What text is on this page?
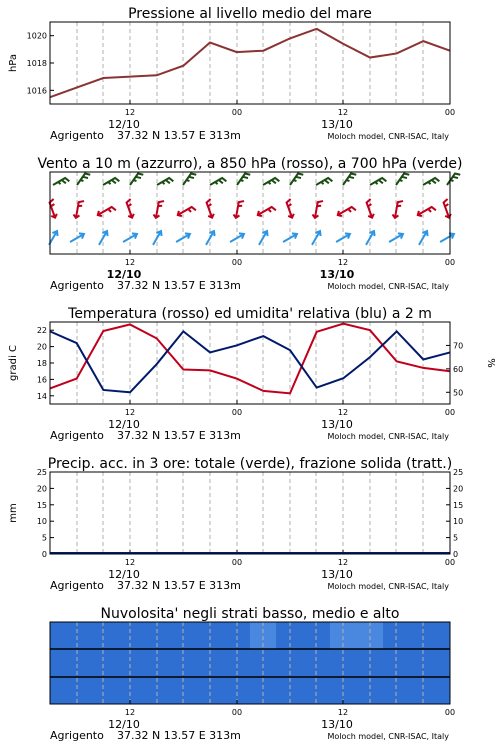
Pressione al livello medio del mare
12	00	12	00
12/10	13/10
Agrigento 37.32 N 13.57 E 313m	Moloch model, CNR-ISAC, Italy
1016
1018
1020
hPa
Vento a 10 m (azzurro), a 850 hPa (rosso), a 700 hPa (verde)
12	00	12	00
12/10	13/10
Agrigento 37.32 N 13.57 E 313m	Moloch model, CNR-ISAC, Italy
Temperatura (rosso) ed umidita' relativa (blu) a 2 m
12	00	12	00
12/10	13/10
Agrigento 37.32 N 13.57 E 313m	Moloch model, CNR-ISAC, Italy
14
16
18
20
22
50
60
70
gradi C	%
Precip. acc. in 3 ore: totale (verde), frazione solida (tratt.)
12	00	12	00
12/10	13/10
Agrigento 37.32 N 13.57 E 313m	Moloch model, CNR-ISAC, Italy
0	0
5	5
10	10
15	15
20	20
25	25
mm
Nuvolosita' negli strati basso, medio e alto
12	00	12	00
12/10	13/10
Agrigento 37.32 N 13.57 E 313m	Moloch model, CNR-ISAC, Italy
